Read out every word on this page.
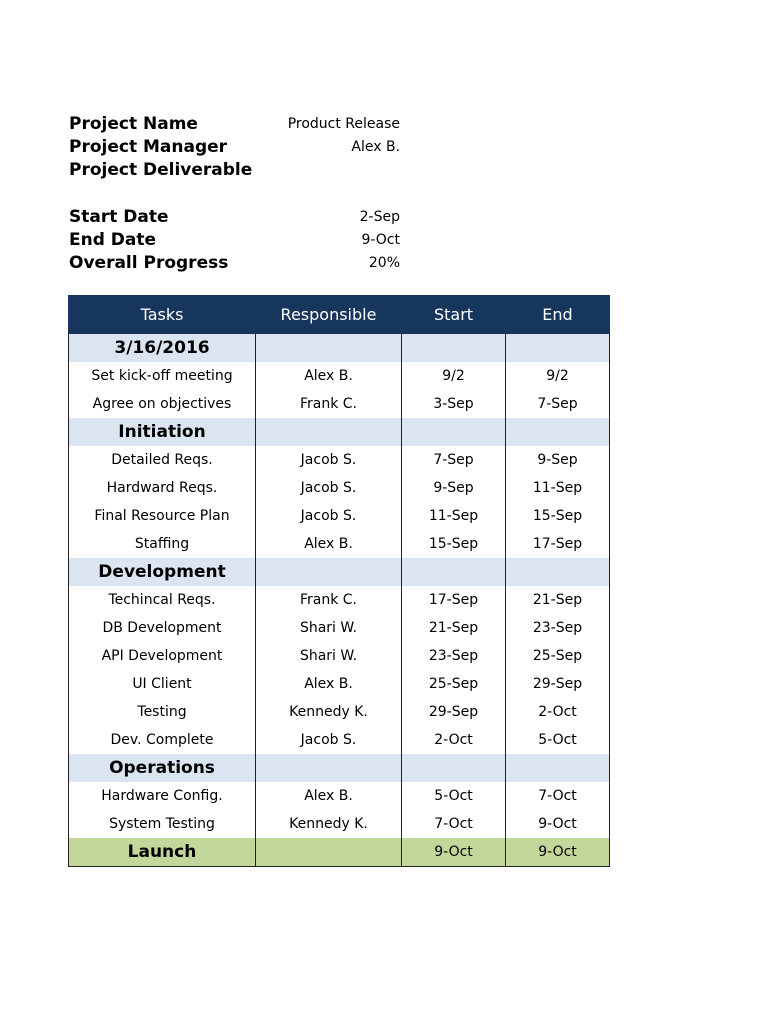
Project Name	Product Release
Project Manager	Alex B.
Project Deliverable
Start Date	2-Sep
End Date	9-Oct
Overall Progress	20%
Tasks	Responsible	Start	End
3/16/2016			
Set kick-off meeting	Alex B.	9/2	9/2
Agree on objectives	Frank C.	3-Sep	7-Sep
Initiation			
Detailed Reqs.	Jacob S.	7-Sep	9-Sep
Hardward Reqs.	Jacob S.	9-Sep	11-Sep
Final Resource Plan	Jacob S.	11-Sep	15-Sep
Staffing	Alex B.	15-Sep	17-Sep
Development			
Techincal Reqs.	Frank C.	17-Sep	21-Sep
DB Development	Shari W.	21-Sep	23-Sep
API Development	Shari W.	23-Sep	25-Sep
UI Client	Alex B.	25-Sep	29-Sep
Testing	Kennedy K.	29-Sep	2-Oct
Dev. Complete	Jacob S.	2-Oct	5-Oct
Operations			
Hardware Config.	Alex B.	5-Oct	7-Oct
System Testing	Kennedy K.	7-Oct	9-Oct
Launch		9-Oct	9-Oct
